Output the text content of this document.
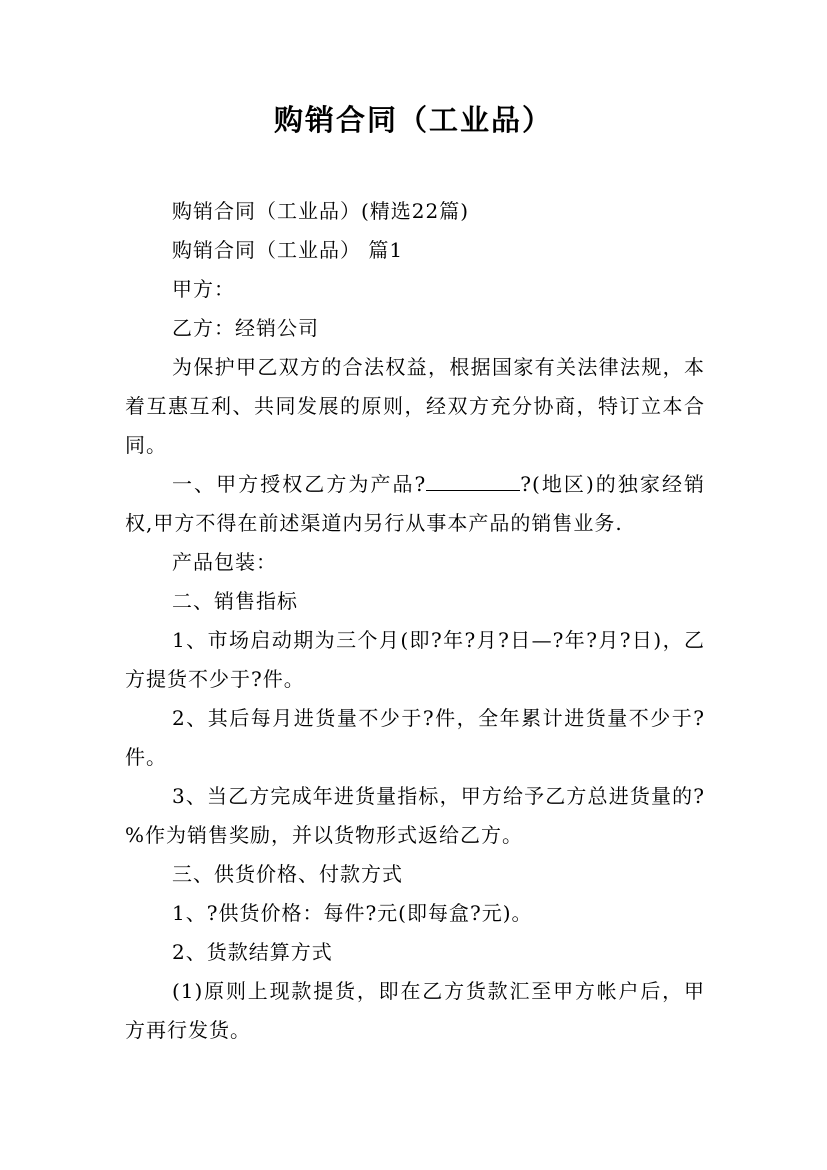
购销合同（工业品）

购销合同（工业品）(精选22篇)

购销合同（工业品） 篇1

甲方：

乙方：经销公司

为保护甲乙双方的合法权益，根据国家有关法律法规，本着互惠互利、共同发展的原则，经双方充分协商，特订立本合同。

一、甲方授权乙方为产品?	?(地区)的独家经销权,甲方不得在前述渠道内另行从事本产品的销售业务.

产品包装：

二、销售指标

1、市场启动期为三个月(即?年?月?日—?年?月?日)，乙方提货不少于?件。

2、其后每月进货量不少于?件，全年累计进货量不少于?件。

3、当乙方完成年进货量指标，甲方给予乙方总进货量的?%作为销售奖励，并以货物形式返给乙方。

三、供货价格、付款方式

1、?供货价格：每件?元(即每盒?元)。

2、货款结算方式

(1)原则上现款提货，即在乙方货款汇至甲方帐户后，甲方再行发货。
